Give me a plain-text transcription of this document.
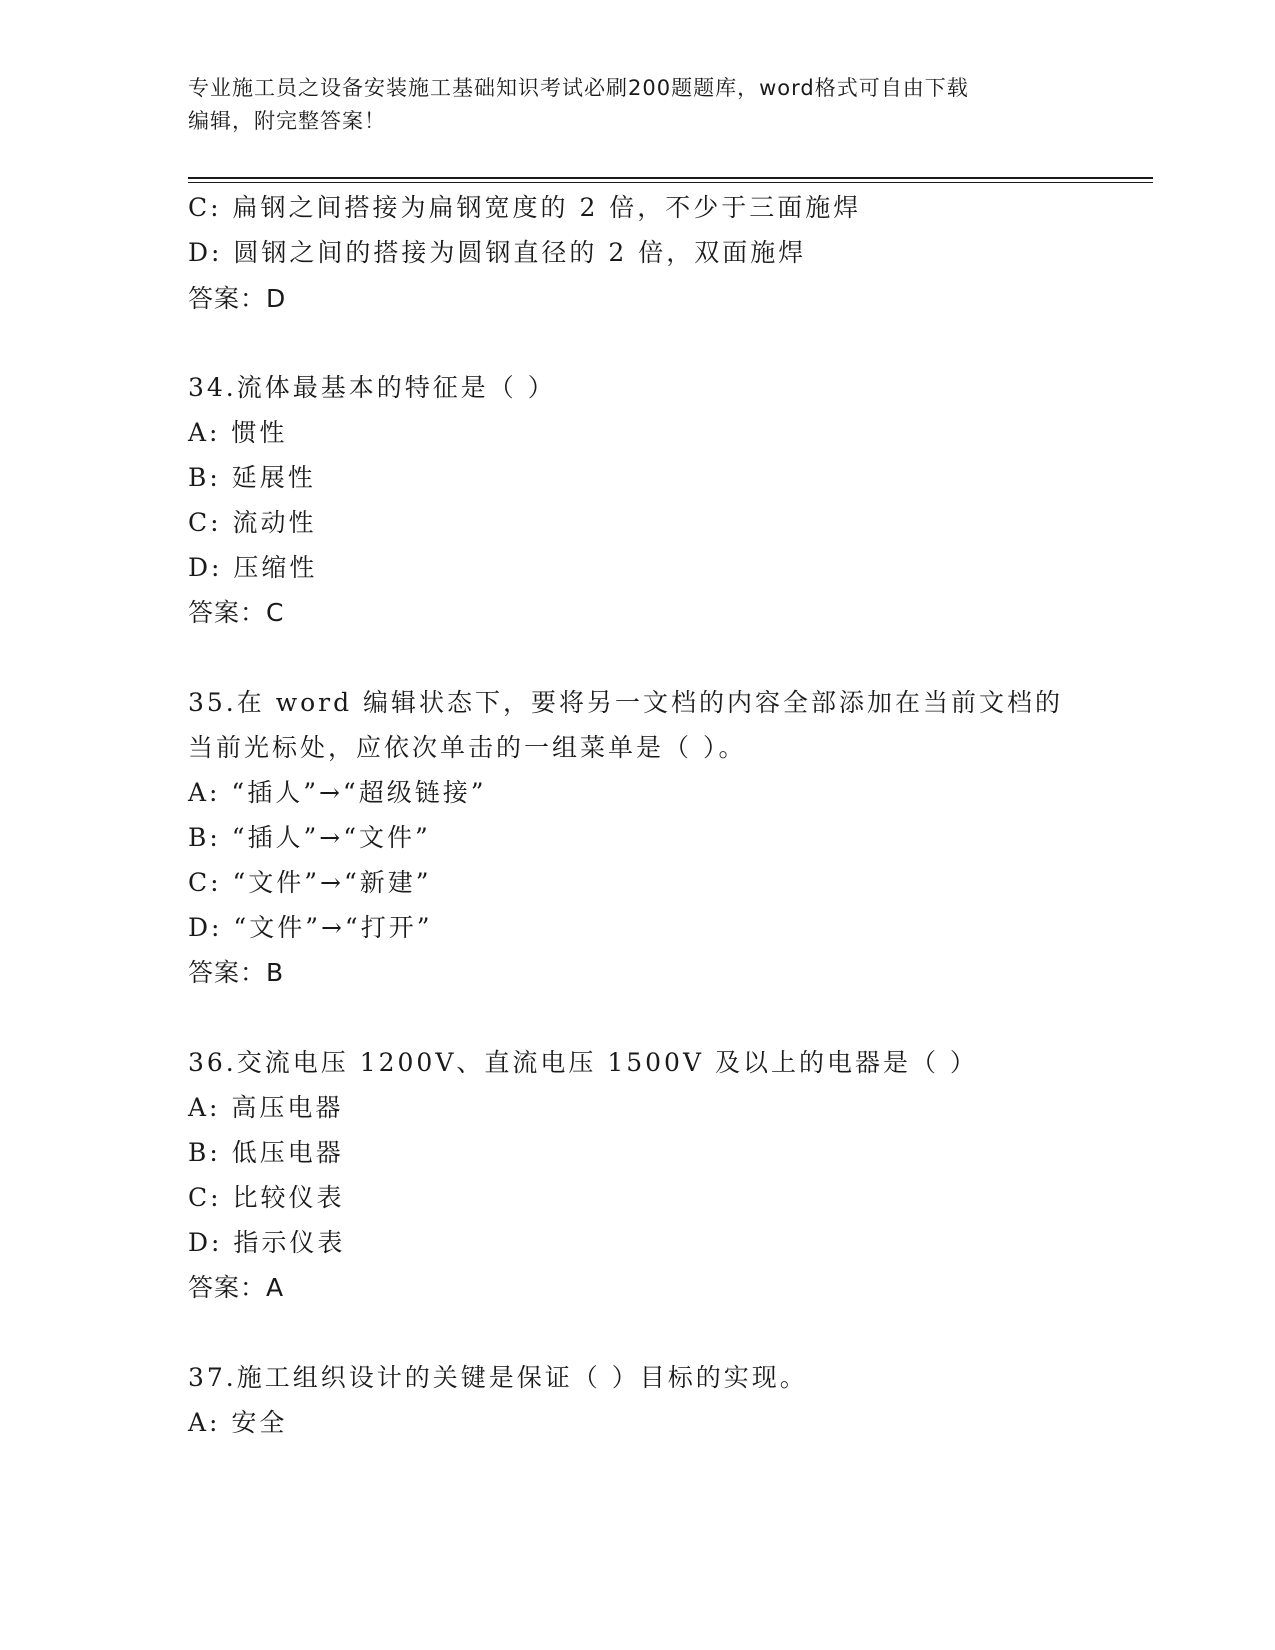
专业施工员之设备安装施工基础知识考试必刷200题题库，word格式可自由下载
编辑，附完整答案！
C: 扁钢之间搭接为扁钢宽度的 2 倍，不少于三面施焊
D: 圆钢之间的搭接为圆钢直径的 2 倍，双面施焊
答案：D
34.流体最基本的特征是（ ）
A: 惯性
B: 延展性
C: 流动性
D: 压缩性
答案：C
35.在 word 编辑状态下，要将另一文档的内容全部添加在当前文档的
当前光标处，应依次单击的一组菜单是（ ）。
A: “插人”→“超级链接”
B: “插人”→“文件”
C: “文件”→“新建”
D: “文件”→“打开”
答案：B
36.交流电压 1200V、直流电压 1500V 及以上的电器是（ ）
A: 高压电器
B: 低压电器
C: 比较仪表
D: 指示仪表
答案：A
37.施工组织设计的关键是保证（ ）目标的实现。
A: 安全
